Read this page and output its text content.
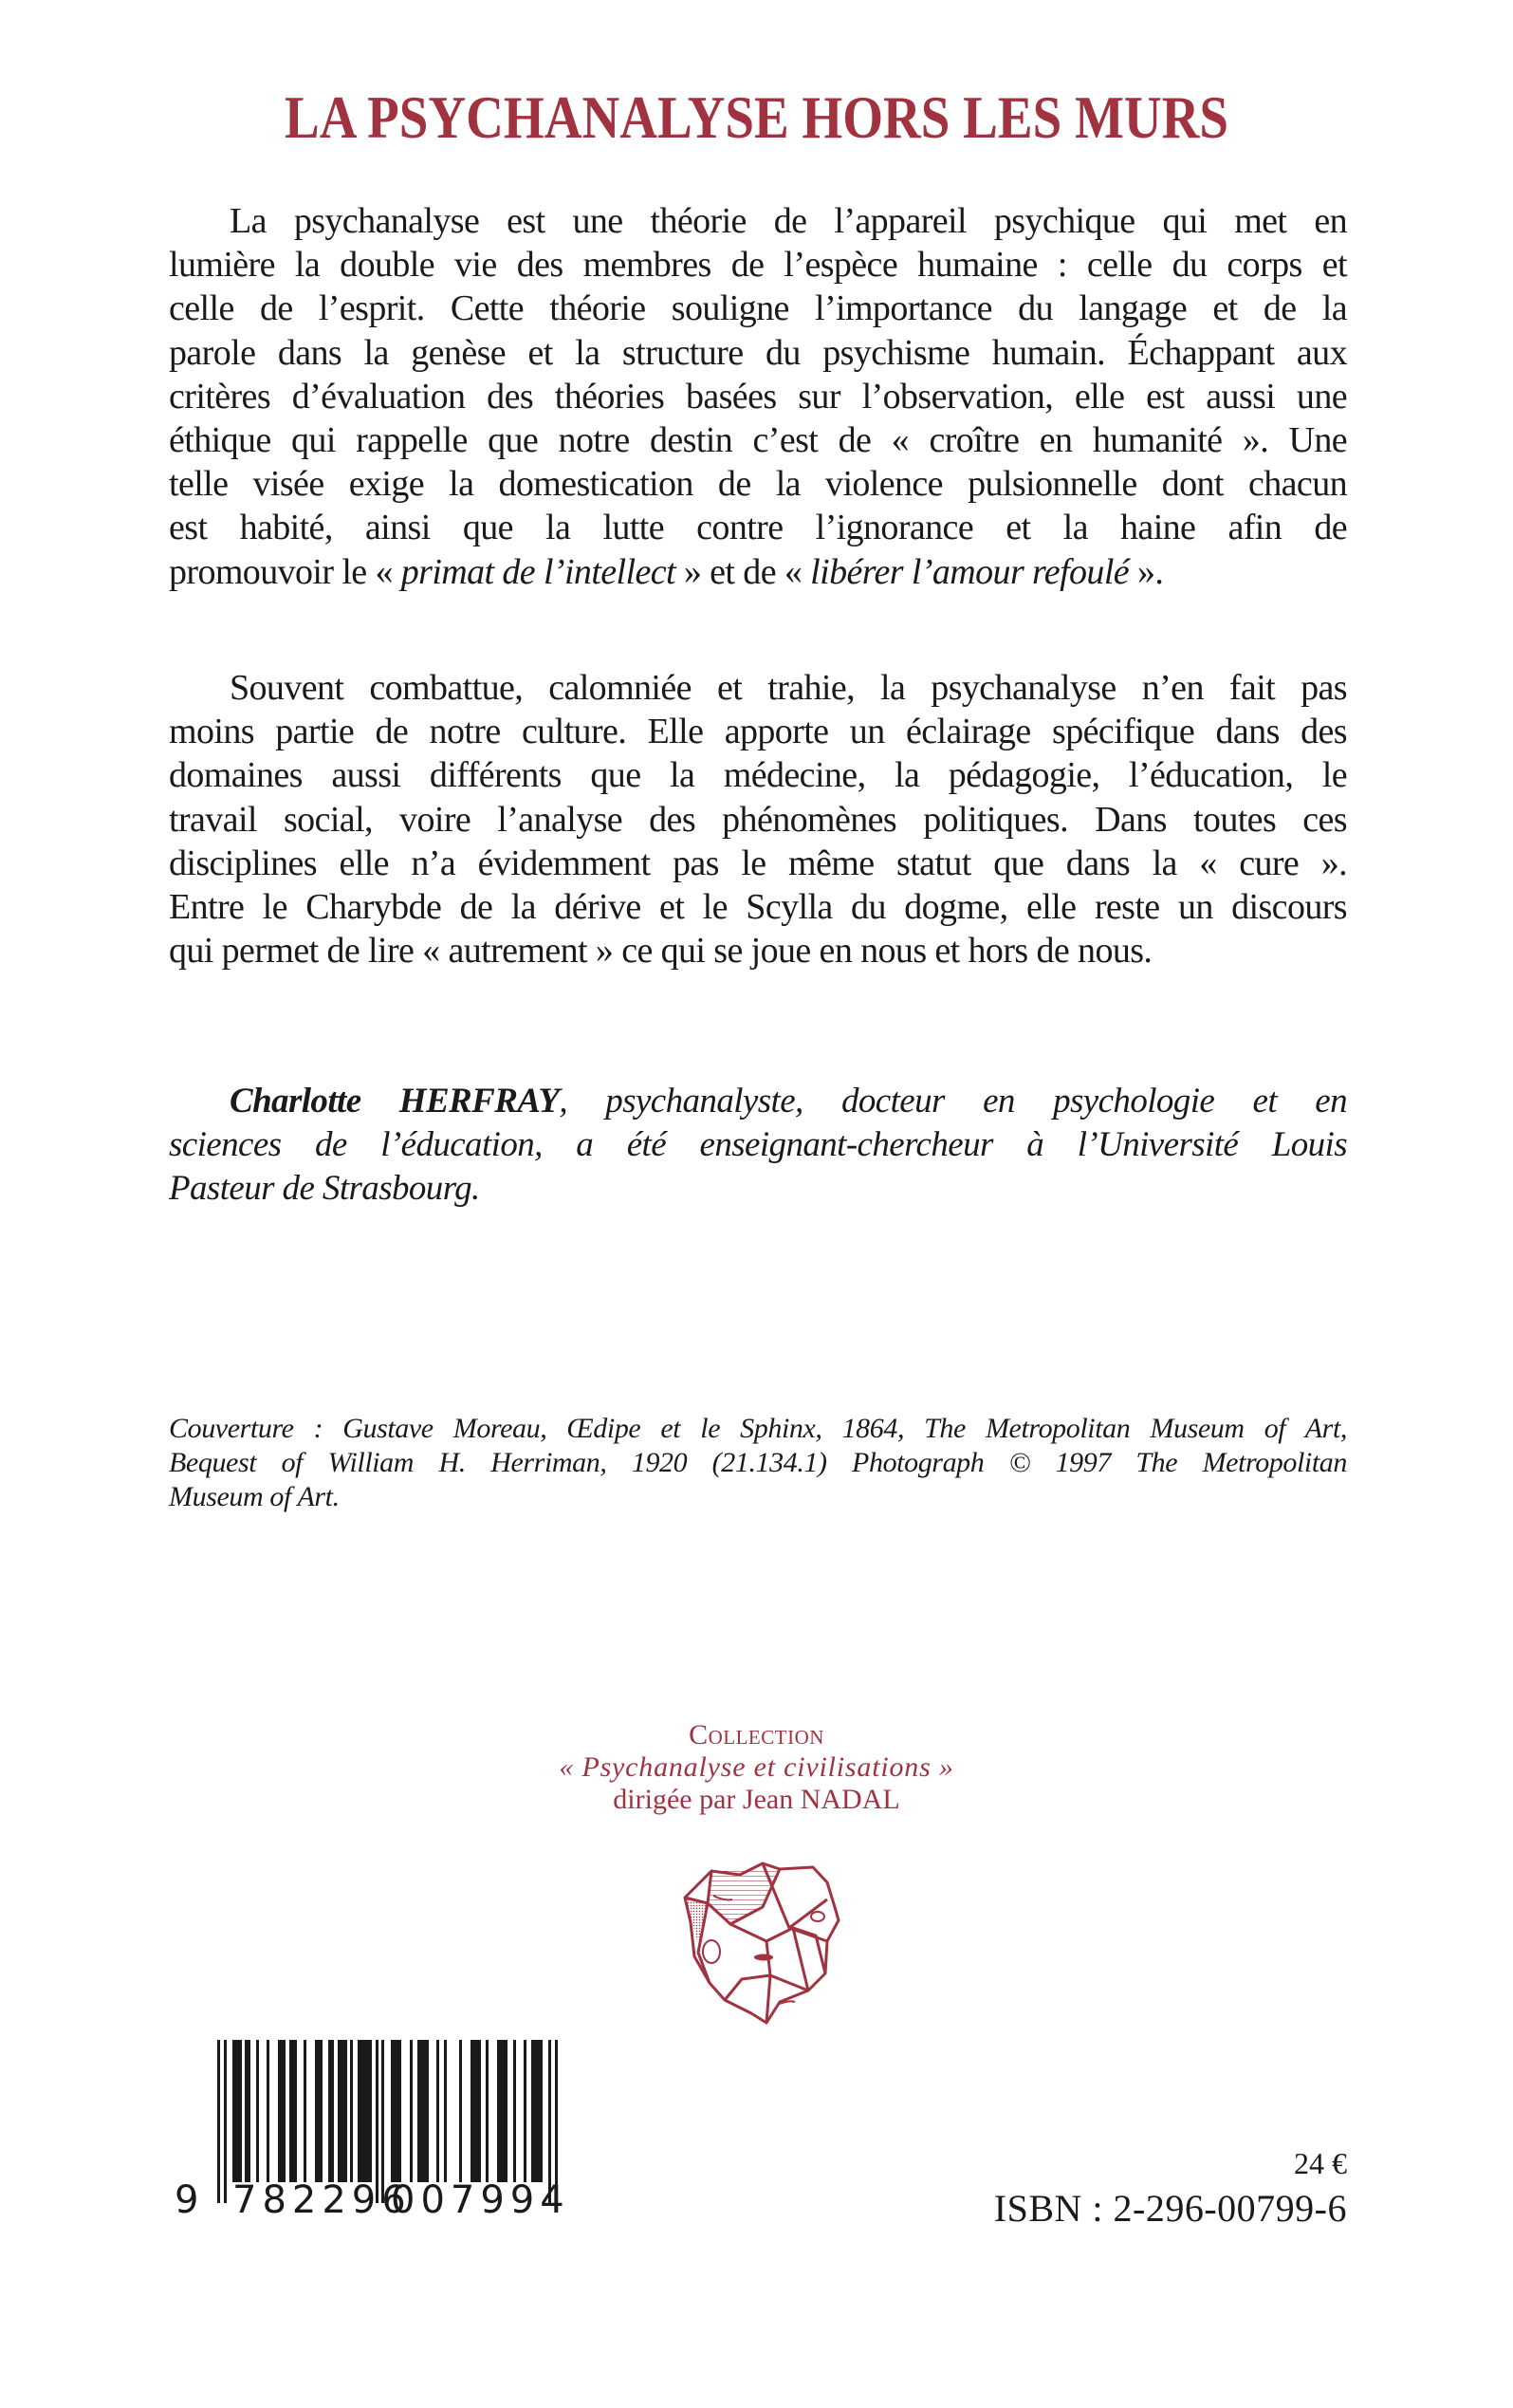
LA PSYCHANALYSE HORS LES MURS
La psychanalyse est une théorie de l’appareil psychique qui met en
lumière la double vie des membres de l’espèce humaine : celle du corps et
celle de l’esprit. Cette théorie souligne l’importance du langage et de la
parole dans la genèse et la structure du psychisme humain. Échappant aux
critères d’évaluation des théories basées sur l’observation, elle est aussi une
éthique qui rappelle que notre destin c’est de « croître en humanité ». Une
telle visée exige la domestication de la violence pulsionnelle dont chacun
est habité, ainsi que la lutte contre l’ignorance et la haine afin de
promouvoir le « primat de l’intellect » et de « libérer l’amour refoulé ».
Souvent combattue, calomniée et trahie, la psychanalyse n’en fait pas
moins partie de notre culture. Elle apporte un éclairage spécifique dans des
domaines aussi différents que la médecine, la pédagogie, l’éducation, le
travail social, voire l’analyse des phénomènes politiques. Dans toutes ces
disciplines elle n’a évidemment pas le même statut que dans la « cure ».
Entre le Charybde de la dérive et le Scylla du dogme, elle reste un discours
qui permet de lire « autrement » ce qui se joue en nous et hors de nous.
Charlotte HERFRAY, psychanalyste, docteur en psychologie et en
sciences de l’éducation, a été enseignant-chercheur à l’Université Louis
Pasteur de Strasbourg.
Couverture : Gustave Moreau, Œdipe et le Sphinx, 1864, The Metropolitan Museum of Art,
Bequest of William H. Herriman, 1920 (21.134.1) Photograph © 1997 The Metropolitan
Museum of Art.
Collection
« Psychanalyse et civilisations »
dirigée par Jean NADAL
9 782296
007994
24 €
ISBN : 2-296-00799-6
